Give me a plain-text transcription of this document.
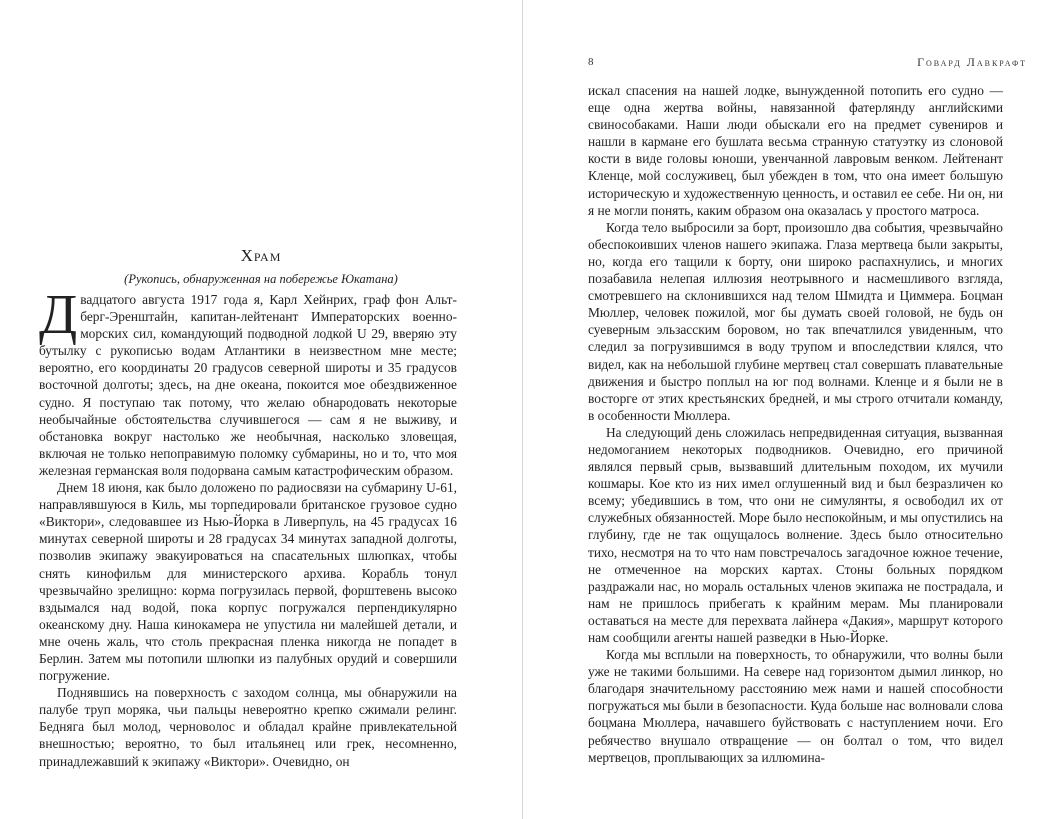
Храм
(Рукопись, обнаруженная на побережье Юкатана)

Двадцатого августа 1917 года я, Карл Хейнрих, граф фон Альтберг-Эренштайн, капитан-лейтенант Императорских военно-морских сил, командующий подводной лодкой U 29, вверяю эту бутылку с рукописью водам Атлантики в неизвестном мне месте; вероятно, его координаты 20 градусов северной широты и 35 градусов восточной долготы; здесь, на дне океана, покоится мое обездвиженное судно. Я поступаю так потому, что желаю обнародовать некоторые необычайные обстоятельства случившегося — сам я не выживу, и обстановка вокруг настолько же необычная, насколько зловещая, включая не только непоправимую поломку субмарины, но и то, что моя железная германская воля подорвана самым катастрофическим образом.

Днем 18 июня, как было доложено по радиосвязи на субмарину U-61, направлявшуюся в Киль, мы торпедировали британское грузовое судно «Виктори», следовавшее из Нью-Йорка в Ливерпуль, на 45 градусах 16 минутах северной широты и 28 градусах 34 минутах западной долготы, позволив экипажу эвакуироваться на спасательных шлюпках, чтобы снять кинофильм для министерского архива. Корабль тонул чрезвычайно зрелищно: корма погрузилась первой, форштевень высоко вздымался над водой, пока корпус погружался перпендикулярно океанскому дну. Наша кинокамера не упустила ни малейшей детали, и мне очень жаль, что столь прекрасная пленка никогда не попадет в Берлин. Затем мы потопили шлюпки из палубных орудий и совершили погружение.

Поднявшись на поверхность с заходом солнца, мы обнаружили на палубе труп моряка, чьи пальцы невероятно крепко сжимали релинг. Бедняга был молод, черноволос и обладал крайне привлекательной внешностью; вероятно, то был итальянец или грек, несомненно, принадлежавший к экипажу «Виктори». Очевидно, он

8	Говард Лавкрафт

искал спасения на нашей лодке, вынужденной потопить его судно — еще одна жертва войны, навязанной фатерлянду английскими свинособаками. Наши люди обыскали его на предмет сувениров и нашли в кармане его бушлата весьма странную статуэтку из слоновой кости в виде головы юноши, увенчанной лавровым венком. Лейтенант Кленце, мой сослуживец, был убежден в том, что она имеет большую историческую и художественную ценность, и оставил ее себе. Ни он, ни я не могли понять, каким образом она оказалась у простого матроса.

Когда тело выбросили за борт, произошло два события, чрезвычайно обеспокоивших членов нашего экипажа. Глаза мертвеца были закрыты, но, когда его тащили к борту, они широко распахнулись, и многих позабавила нелепая иллюзия неотрывного и насмешливого взгляда, смотревшего на склонившихся над телом Шмидта и Циммера. Боцман Мюллер, человек пожилой, мог бы думать своей головой, не будь он суеверным эльзасским боровом, но так впечатлился увиденным, что следил за погрузившимся в воду трупом и впоследствии клялся, что видел, как на небольшой глубине мертвец стал совершать плавательные движения и быстро поплыл на юг под волнами. Кленце и я были не в восторге от этих крестьянских бредней, и мы строго отчитали команду, в особенности Мюллера.

На следующий день сложилась непредвиденная ситуация, вызванная недомоганием некоторых подводников. Очевидно, его причиной являлся первый срыв, вызвавший длительным походом, их мучили кошмары. Кое кто из них имел оглушенный вид и был безразличен ко всему; убедившись в том, что они не симулянты, я освободил их от служебных обязанностей. Море было неспокойным, и мы опустились на глубину, где не так ощущалось волнение. Здесь было относительно тихо, несмотря на то что нам повстречалось загадочное южное течение, не отмеченное на морских картах. Стоны больных порядком раздражали нас, но мораль остальных членов экипажа не пострадала, и нам не пришлось прибегать к крайним мерам. Мы планировали оставаться на месте для перехвата лайнера «Дакия», маршрут которого нам сообщили агенты нашей разведки в Нью-Йорке.

Когда мы всплыли на поверхность, то обнаружили, что волны были уже не такими большими. На севере над горизонтом дымил линкор, но благодаря значительному расстоянию меж нами и нашей способности погружаться мы были в безопасности. Куда больше нас волновали слова боцмана Мюллера, начавшего буйствовать с наступлением ночи. Его ребячество внушало отвращение — он болтал о том, что видел мертвецов, проплывающих за иллюмина-
